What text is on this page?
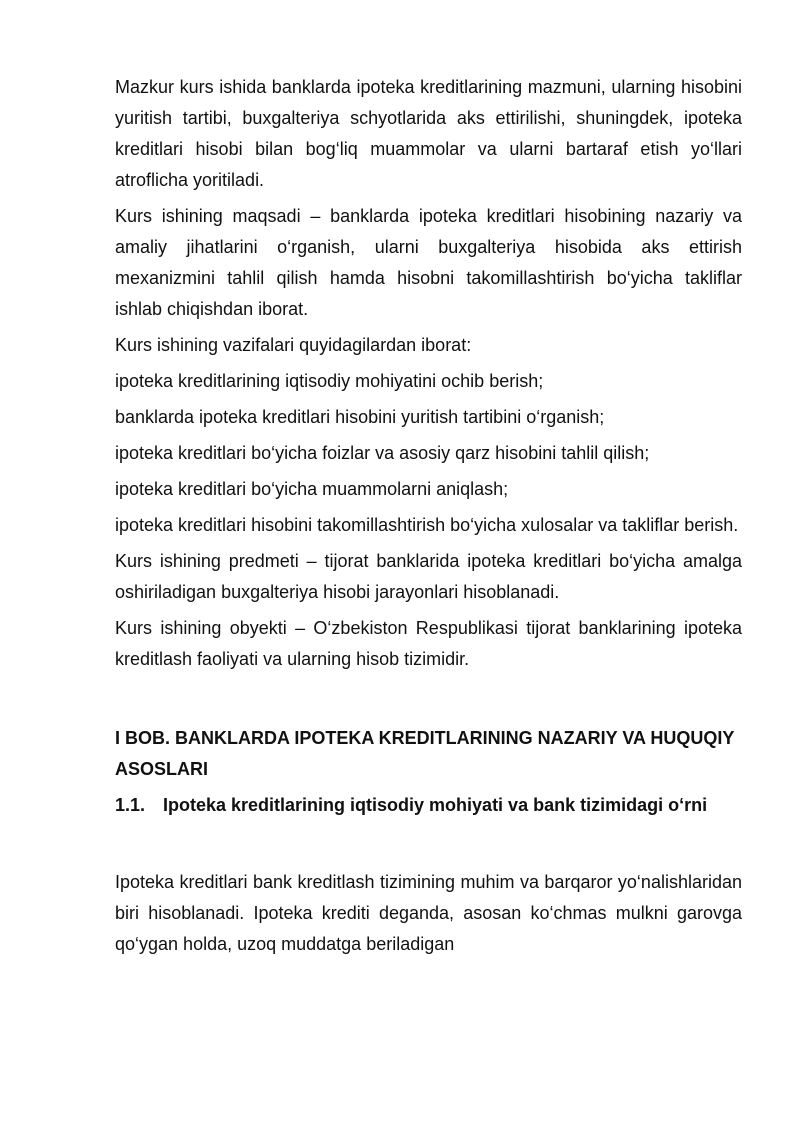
Mazkur kurs ishida banklarda ipoteka kreditlarining mazmuni, ularning hisobini yuritish tartibi, buxgalteriya schyotlarida aks ettirilishi, shuningdek, ipoteka kreditlari hisobi bilan bog‘liq muammolar va ularni bartaraf etish yo‘llari atroflicha yoritiladi.

Kurs ishining maqsadi – banklarda ipoteka kreditlari hisobining nazariy va amaliy jihatlarini o‘rganish, ularni buxgalteriya hisobida aks ettirish mexanizmini tahlil qilish hamda hisobni takomillashtirish bo‘yicha takliflar ishlab chiqishdan iborat.

Kurs ishining vazifalari quyidagilardan iborat:

ipoteka kreditlarining iqtisodiy mohiyatini ochib berish;

banklarda ipoteka kreditlari hisobini yuritish tartibini o‘rganish;

ipoteka kreditlari bo‘yicha foizlar va asosiy qarz hisobini tahlil qilish;

ipoteka kreditlari bo‘yicha muammolarni aniqlash;

ipoteka kreditlari hisobini takomillashtirish bo‘yicha xulosalar va takliflar berish.

Kurs ishining predmeti – tijorat banklarida ipoteka kreditlari bo‘yicha amalga oshiriladigan buxgalteriya hisobi jarayonlari hisoblanadi.

Kurs ishining obyekti – O‘zbekiston Respublikasi tijorat banklarining ipoteka kreditlash faoliyati va ularning hisob tizimidir.

I BOB. BANKLARDA IPOTEKA KREDITLARINING NAZARIY VA HUQUQIY ASOSLARI

1.1. Ipoteka kreditlarining iqtisodiy mohiyati va bank tizimidagi o‘rni

Ipoteka kreditlari bank kreditlash tizimining muhim va barqaror yo‘nalishlaridan biri hisoblanadi. Ipoteka krediti deganda, asosan ko‘chmas mulkni garovga qo‘ygan holda, uzoq muddatga beriladigan
